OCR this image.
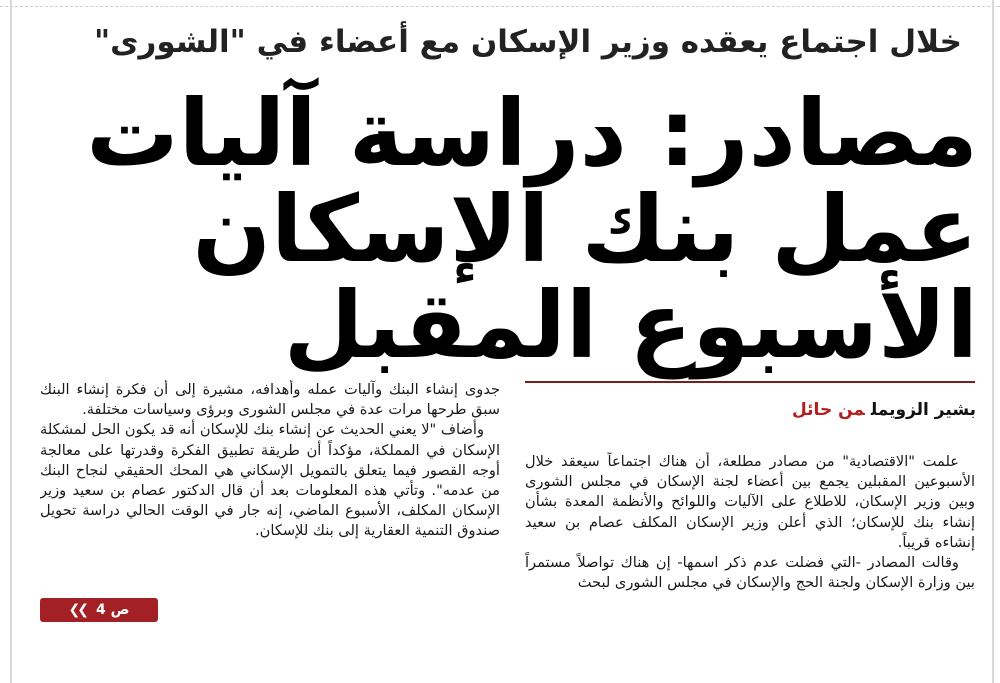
خلال اجتماع يعقده وزير الإسكان مع أعضاء في "الشورى"
مصادر: دراسة آليات
عمل بنك الإسكان
الأسبوع المقبل
بشير الزويملمن حائل

علمت "الاقتصادية" من مصادر مطلعة، أن هناك اجتماعاً سيعقد خلال الأسبوعين المقبلين يجمع بين أعضاء لجنة الإسكان في مجلس الشورى وبين وزير الإسكان، للاطلاع على الآليات واللوائح والأنظمة المعدة بشأن إنشاء بنك للإسكان؛ الذي أعلن وزير الإسكان المكلف عصام بن سعيد إنشاءه قريباً.

وقالت المصادر -التي فضلت عدم ذكر اسمها- إن هناك تواصلاً مستمراً بين وزارة الإسكان ولجنة الحج والإسكان في مجلس الشورى لبحث

جدوى إنشاء البنك وآليات عمله وأهدافه، مشيرة إلى أن فكرة إنشاء البنك سبق طرحها مرات عدة في مجلس الشورى وبرؤى وسياسات مختلفة.

وأضاف "لا يعني الحديث عن إنشاء بنك للإسكان أنه قد يكون الحل لمشكلة الإسكان في المملكة، مؤكداً أن طريقة تطبيق الفكرة وقدرتها على معالجة أوجه القصور فيما يتعلق بالتمويل الإسكاني هي المحك الحقيقي لنجاح البنك من عدمه". وتأتي هذه المعلومات بعد أن قال الدكتور عصام بن سعيد وزير الإسكان المكلف، الأسبوع الماضي، إنه جار في الوقت الحالي دراسة تحويل صندوق التنمية العقارية إلى بنك للإسكان.

❮❮ ص 4
